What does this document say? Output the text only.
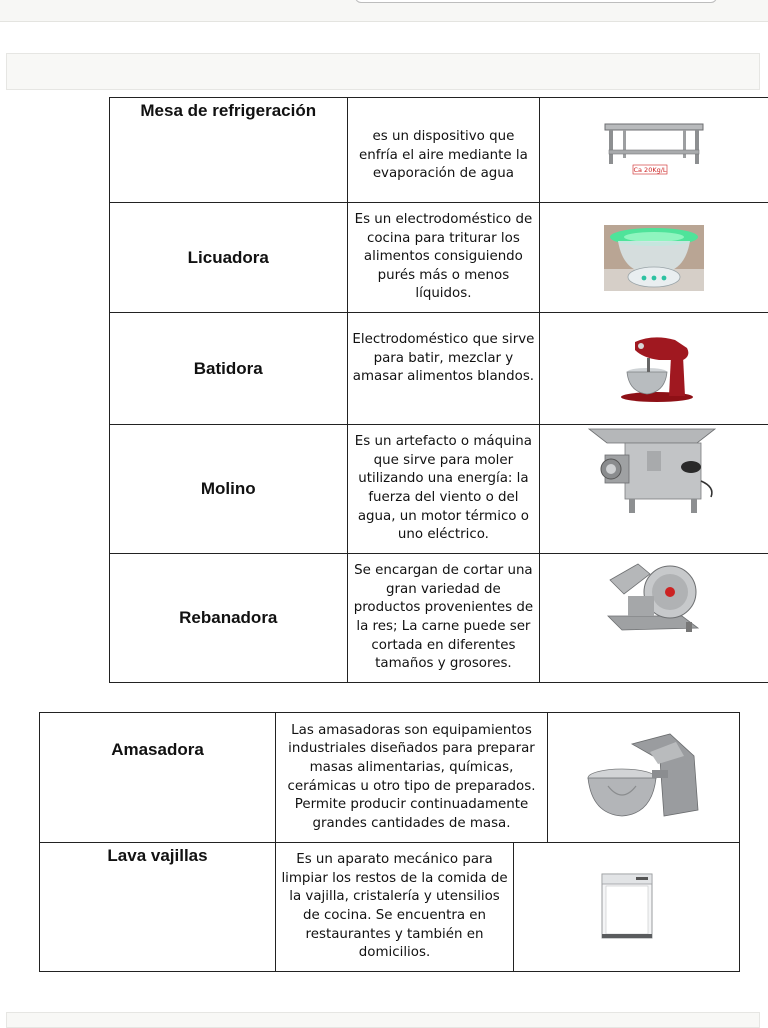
Mesa de refrigeración	es un dispositivo que enfría el aire mediante la evaporación de agua	Ca 20Kg/L

Licuadora	Es un electrodoméstico de cocina para triturar los alimentos consiguiendo purés más o menos líquidos.	
Batidora	Electrodoméstico que sirve para batir, mezclar y amasar alimentos blandos.	
Molino	Es un artefacto o máquina que sirve para moler utilizando una energía: la fuerza del viento o del agua, un motor térmico o uno eléctrico.	
Rebanadora	Se encargan de cortar una gran variedad de productos provenientes de la res; La carne puede ser cortada en diferentes tamaños y grosores.	
Amasadora	Las amasadoras son equipamientos industriales diseñados para preparar masas alimentarias, químicas, cerámicas u otro tipo de preparados. Permite producir continuadamente grandes cantidades de masa.	
Lava vajillas	Es un aparato mecánico para limpiar los restos de la comida de la vajilla, cristalería y utensilios de cocina. Se encuentra en restaurantes y también en domicilios.	
